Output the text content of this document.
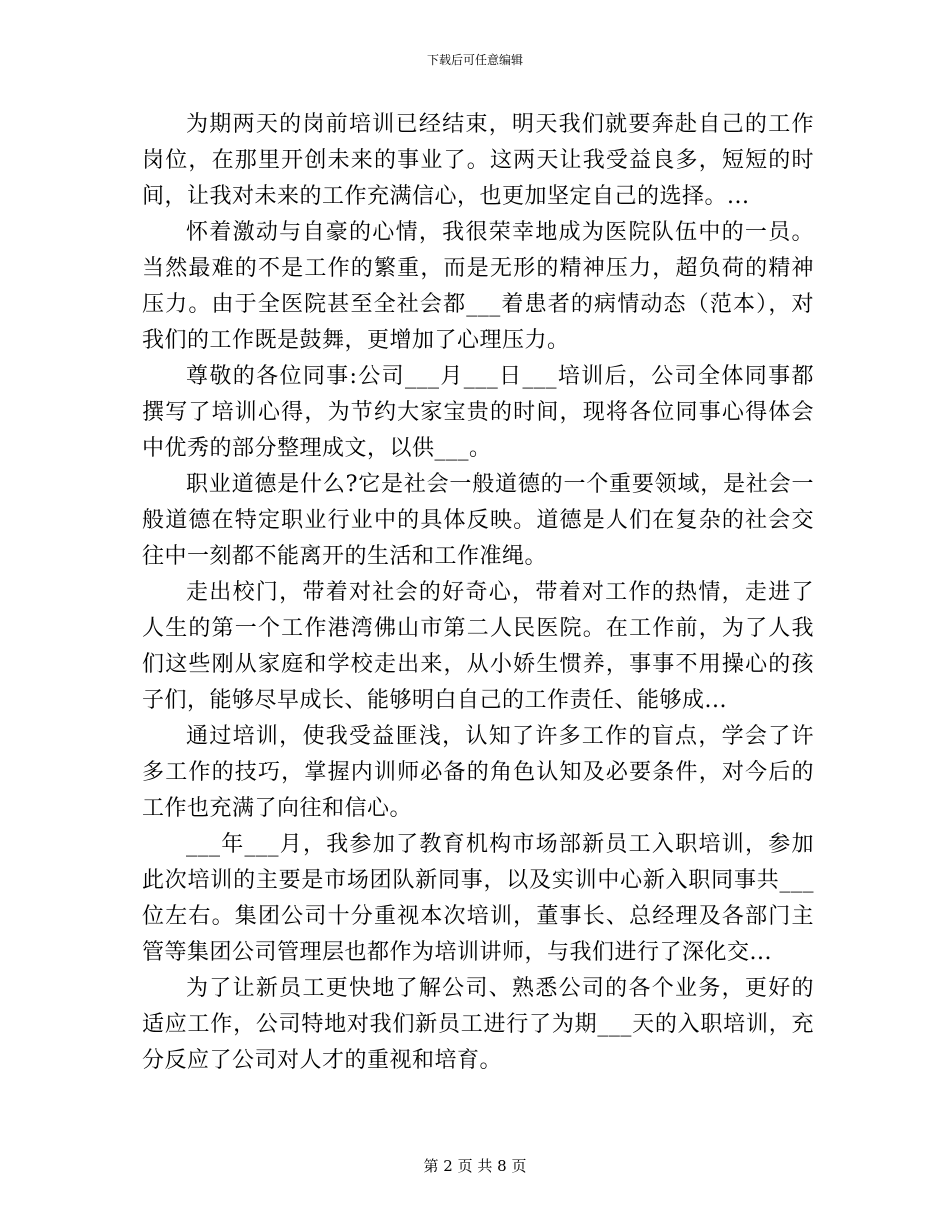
下载后可任意编辑

为期两天的岗前培训已经结束，明天我们就要奔赴自己的工作岗位，在那里开创未来的事业了。这两天让我受益良多，短短的时间，让我对未来的工作充满信心，也更加坚定自己的选择。...

怀着激动与自豪的心情，我很荣幸地成为医院队伍中的一员。当然最难的不是工作的繁重，而是无形的精神压力，超负荷的精神压力。由于全医院甚至全社会都___着患者的病情动态（范本），对我们的工作既是鼓舞，更增加了心理压力。

尊敬的各位同事:公司___月___日___培训后，公司全体同事都撰写了培训心得，为节约大家宝贵的时间，现将各位同事心得体会中优秀的部分整理成文，以供___。

职业道德是什么?它是社会一般道德的一个重要领域，是社会一般道德在特定职业行业中的具体反映。道德是人们在复杂的社会交往中一刻都不能离开的生活和工作准绳。

走出校门，带着对社会的好奇心，带着对工作的热情，走进了人生的第一个工作港湾佛山市第二人民医院。在工作前，为了人我们这些刚从家庭和学校走出来，从小娇生惯养，事事不用操心的孩子们，能够尽早成长、能够明白自己的工作责任、能够成...

通过培训，使我受益匪浅，认知了许多工作的盲点，学会了许多工作的技巧，掌握内训师必备的角色认知及必要条件，对今后的工作也充满了向往和信心。

___年___月，我参加了教育机构市场部新员工入职培训，参加此次培训的主要是市场团队新同事，以及实训中心新入职同事共___位左右。集团公司十分重视本次培训，董事长、总经理及各部门主管等集团公司管理层也都作为培训讲师，与我们进行了深化交...

为了让新员工更快地了解公司、熟悉公司的各个业务，更好的适应工作，公司特地对我们新员工进行了为期___天的入职培训，充分反应了公司对人才的重视和培育。

第 2 页 共 8 页
